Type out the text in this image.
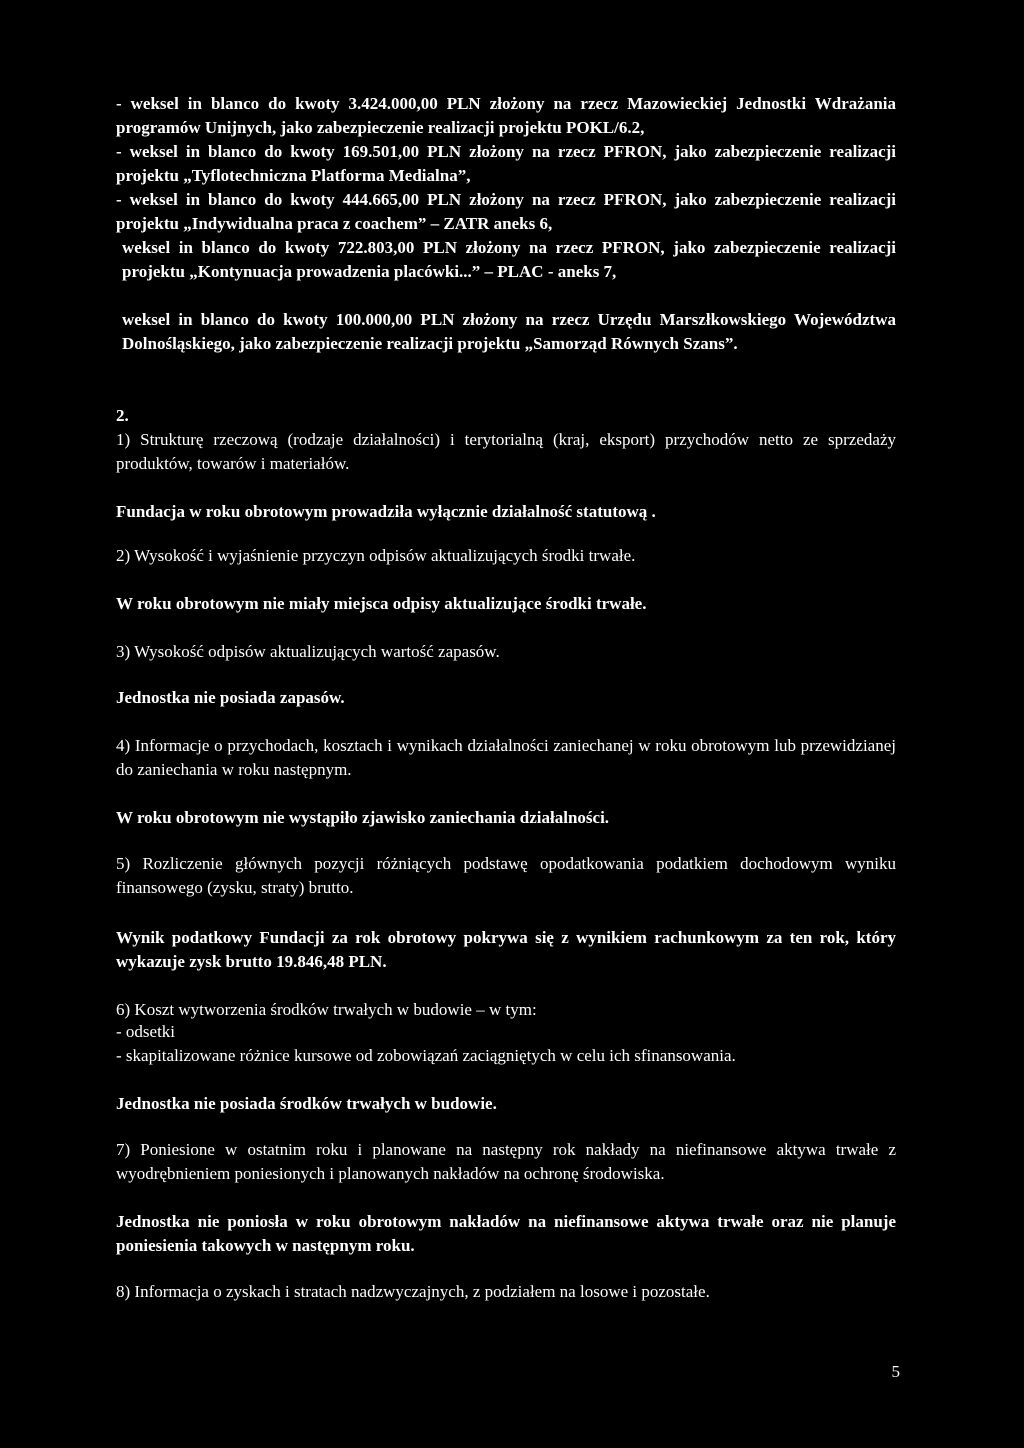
- weksel in blanco do kwoty 3.424.000,00 PLN złożony na rzecz Mazowieckiej Jednostki Wdrażania programów Unijnych, jako zabezpieczenie realizacji projektu POKL/6.2,

- weksel in blanco do kwoty 169.501,00 PLN złożony na rzecz PFRON, jako zabezpieczenie realizacji projektu „Tyflotechniczna Platforma Medialna”,

- weksel in blanco do kwoty 444.665,00 PLN złożony na rzecz PFRON, jako zabezpieczenie realizacji projektu „Indywidualna praca z coachem” – ZATR aneks 6,

weksel in blanco do kwoty 722.803,00 PLN złożony na rzecz PFRON, jako zabezpieczenie realizacji projektu „Kontynuacja prowadzenia placówki...” – PLAC - aneks 7,

weksel in blanco do kwoty 100.000,00 PLN złożony na rzecz Urzędu Marszłkowskiego Województwa Dolnośląskiego, jako zabezpieczenie realizacji projektu „Samorząd Równych Szans”.

2.

1) Strukturę rzeczową (rodzaje działalności) i terytorialną (kraj, eksport) przychodów netto ze sprzedaży produktów, towarów i materiałów.

Fundacja w roku obrotowym prowadziła wyłącznie działalność statutową .

2) Wysokość i wyjaśnienie przyczyn odpisów aktualizujących środki trwałe.

W roku obrotowym nie miały miejsca odpisy aktualizujące środki trwałe.

3) Wysokość odpisów aktualizujących wartość zapasów.

Jednostka nie posiada zapasów.

4) Informacje o przychodach, kosztach i wynikach działalności zaniechanej w roku obrotowym lub przewidzianej do zaniechania w roku następnym.

W roku obrotowym nie wystąpiło zjawisko zaniechania działalności.

5) Rozliczenie głównych pozycji różniących podstawę opodatkowania podatkiem dochodowym wyniku finansowego (zysku, straty) brutto.

Wynik podatkowy Fundacji za rok obrotowy pokrywa się z wynikiem rachunkowym za ten rok, który wykazuje zysk brutto 19.846,48 PLN.

6) Koszt wytworzenia środków trwałych w budowie – w tym:

- odsetki

- skapitalizowane różnice kursowe od zobowiązań zaciągniętych w celu ich sfinansowania.

Jednostka nie posiada środków trwałych w budowie.

7) Poniesione w ostatnim roku i planowane na następny rok nakłady na niefinansowe aktywa trwałe z wyodrębnieniem poniesionych i planowanych nakładów na ochronę środowiska.

Jednostka nie poniosła w roku obrotowym nakładów na niefinansowe aktywa trwałe oraz nie planuje poniesienia takowych w następnym roku.

8) Informacja o zyskach i stratach nadzwyczajnych, z podziałem na losowe i pozostałe.

5
